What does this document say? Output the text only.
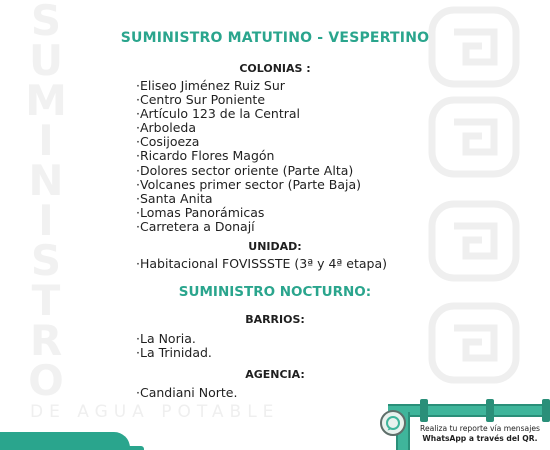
S
U
M
I
N
I
S
T
R
O
DE AGUA POTABLE
SUMINISTRO MATUTINO - VESPERTINO
COLONIAS :
· Eliseo Jiménez Ruiz Sur
· Centro Sur Poniente
· Artículo 123 de la Central
· Arboleda
· Cosijoeza
· Ricardo Flores Magón
· Dolores sector oriente (Parte Alta)
· Volcanes primer sector (Parte Baja)
· Santa Anita
· Lomas Panorámicas
· Carretera a Donají
UNIDAD:
· Habitacional FOVISSSTE (3ª y 4ª etapa)
SUMINISTRO NOCTURNO:
BARRIOS:
· La Noria.
· La Trinidad.
AGENCIA:
· Candiani Norte.
Realiza tu reporte vía mensajes
WhatsApp a través del QR.
